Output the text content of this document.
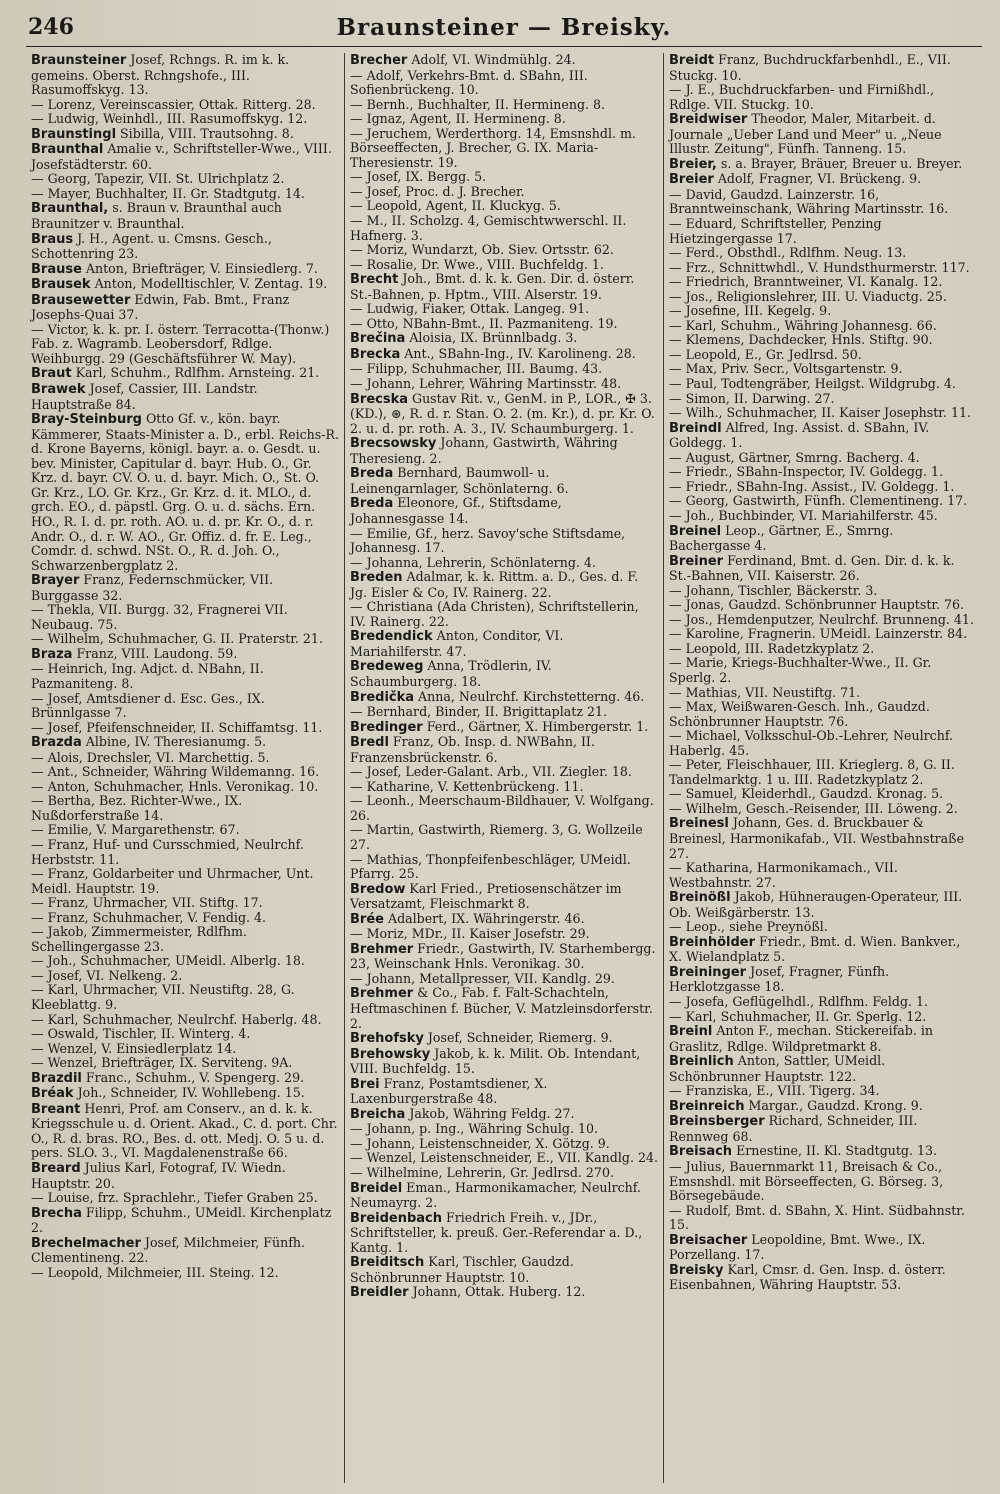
246	Braunsteiner — Breisky.

Braunsteiner Josef, Rchngs. R. im k. k. gemeins. Oberst. Rchngshofe., III. Rasumoffskyg. 13.

— Lorenz, Vereinscassier, Ottak. Ritterg. 28.

— Ludwig, Weinhdl., III. Rasumoffskyg. 12.

Braunstingl Sibilla, VIII. Trautsohng. 8.

Braunthal Amalie v., Schriftsteller-Wwe., VIII. Josefstädterstr. 60.

— Georg, Tapezir, VII. St. Ulrichplatz 2.

— Mayer, Buchhalter, II. Gr. Stadtgutg. 14.

Braunthal, s. Braun v. Braunthal auch Braunitzer v. Braunthal.

Braus J. H., Agent. u. Cmsns. Gesch., Schottenring 23.

Brause Anton, Briefträger, V. Einsiedlerg. 7.

Brausek Anton, Modelltischler, V. Zentag. 19.

Brausewetter Edwin, Fab. Bmt., Franz Josephs-Quai 37.

— Victor, k. k. pr. I. österr. Terracotta-(Thonw.) Fab. z. Wagramb. Leobersdorf, Rdlge. Weihburgg. 29 (Geschäftsführer W. May).

Braut Karl, Schuhm., Rdlfhm. Arnsteing. 21.

Brawek Josef, Cassier, III. Landstr. Hauptstraße 84.

Bray-Steinburg Otto Gf. v., kön. bayr. Kämmerer, Staats-Minister a. D., erbl. Reichs-R. d. Krone Bayerns, königl. bayr. a. o. Gesdt. u. bev. Minister, Capitular d. bayr. Hub. O., Gr. Krz. d. bayr. CV. O. u. d. bayr. Mich. O., St. O. Gr. Krz., LO. Gr. Krz., Gr. Krz. d. it. MLO., d. grch. EO., d. päpstl. Grg. O. u. d. sächs. Ern. HO., R. I. d. pr. roth. AO. u. d. pr. Kr. O., d. r. Andr. O., d. r. W. AO., Gr. Offiz. d. fr. E. Leg., Comdr. d. schwd. NSt. O., R. d. Joh. O., Schwarzenbergplatz 2.

Brayer Franz, Federnschmücker, VII. Burggasse 32.

— Thekla, VII. Burgg. 32, Fragnerei VII. Neubaug. 75.

— Wilhelm, Schuhmacher, G. II. Praterstr. 21.

Braza Franz, VIII. Laudong. 59.

— Heinrich, Ing. Adjct. d. NBahn, II. Pazmaniteng. 8.

— Josef, Amtsdiener d. Esc. Ges., IX. Brünnlgasse 7.

— Josef, Pfeifenschneider, II. Schiffamtsg. 11.

Brazda Albine, IV. Theresianumg. 5.

— Alois, Drechsler, VI. Marchettig. 5.

— Ant., Schneider, Währing Wildemanng. 16.

— Anton, Schuhmacher, Hnls. Veronikag. 10.

— Bertha, Bez. Richter-Wwe., IX. Nußdorferstraße 14.

— Emilie, V. Margarethenstr. 67.

— Franz, Huf- und Cursschmied, Neulrchf. Herbststr. 11.

— Franz, Goldarbeiter und Uhrmacher, Unt. Meidl. Hauptstr. 19.

— Franz, Uhrmacher, VII. Stiftg. 17.

— Franz, Schuhmacher, V. Fendig. 4.

— Jakob, Zimmermeister, Rdlfhm. Schellingergasse 23.

— Joh., Schuhmacher, UMeidl. Alberlg. 18.

— Josef, VI. Nelkeng. 2.

— Karl, Uhrmacher, VII. Neustiftg. 28, G. Kleeblattg. 9.

— Karl, Schuhmacher, Neulrchf. Haberlg. 48.

— Oswald, Tischler, II. Winterg. 4.

— Wenzel, V. Einsiedlerplatz 14.

— Wenzel, Briefträger, IX. Serviteng. 9A.

Brazdil Franc., Schuhm., V. Spengerg. 29.

Bréak Joh., Schneider, IV. Wohllebeng. 15.

Breant Henri, Prof. am Conserv., an d. k. k. Kriegsschule u. d. Orient. Akad., C. d. port. Chr. O., R. d. bras. RO., Bes. d. ott. Medj. O. 5 u. d. pers. SLO. 3., VI. Magdalenenstraße 66.

Breard Julius Karl, Fotograf, IV. Wiedn. Hauptstr. 20.

— Louise, frz. Sprachlehr., Tiefer Graben 25.

Brecha Filipp, Schuhm., UMeidl. Kirchenplatz 2.

Brechelmacher Josef, Milchmeier, Fünfh. Clementineng. 22.

— Leopold, Milchmeier, III. Steing. 12.

Brecher Adolf, VI. Windmühlg. 24.

— Adolf, Verkehrs-Bmt. d. SBahn, III. Sofienbrückeng. 10.

— Bernh., Buchhalter, II. Hermineng. 8.

— Ignaz, Agent, II. Hermineng. 8.

— Jeruchem, Werderthorg. 14, Emsnshdl. m. Börseeffecten, J. Brecher, G. IX. Maria-Theresienstr. 19.

— Josef, IX. Bergg. 5.

— Josef, Proc. d. J. Brecher.

— Leopold, Agent, II. Kluckyg. 5.

— M., II. Scholzg. 4, Gemischtwwerschl. II. Hafnerg. 3.

— Moriz, Wundarzt, Ob. Siev. Ortsstr. 62.

— Rosalie, Dr. Wwe., VIII. Buchfeldg. 1.

Brecht Joh., Bmt. d. k. k. Gen. Dir. d. österr. St.-Bahnen, p. Hptm., VIII. Alserstr. 19.

— Ludwig, Fiaker, Ottak. Langeg. 91.

— Otto, NBahn-Bmt., II. Pazmaniteng. 19.

Brečina Aloisia, IX. Brünnlbadg. 3.

Brecka Ant., SBahn-Ing., IV. Karolineng. 28.

— Filipp, Schuhmacher, III. Baumg. 43.

— Johann, Lehrer, Währing Martinsstr. 48.

Brecska Gustav Rit. v., GenM. in P., LOR., ✠ 3. (KD.), ⊛, R. d. r. Stan. O. 2. (m. Kr.), d. pr. Kr. O. 2. u. d. pr. roth. A. 3., IV. Schaumburgerg. 1.

Brecsowsky Johann, Gastwirth, Währing Theresieng. 2.

Breda Bernhard, Baumwoll- u. Leinengarnlager, Schönlaterng. 6.

Breda Eleonore, Gf., Stiftsdame, Johannesgasse 14.

— Emilie, Gf., herz. Savoy'sche Stiftsdame, Johannesg. 17.

— Johanna, Lehrerin, Schönlaterng. 4.

Breden Adalmar, k. k. Rittm. a. D., Ges. d. F. Jg. Eisler & Co, IV. Rainerg. 22.

— Christiana (Ada Christen), Schriftstellerin, IV. Rainerg. 22.

Bredendick Anton, Conditor, VI. Mariahilferstr. 47.

Bredeweg Anna, Trödlerin, IV. Schaumburgerg. 18.

Bredička Anna, Neulrchf. Kirchstetterng. 46.

— Bernhard, Binder, II. Brigittaplatz 21.

Bredinger Ferd., Gärtner, X. Himbergerstr. 1.

Bredl Franz, Ob. Insp. d. NWBahn, II. Franzensbrückenstr. 6.

— Josef, Leder-Galant. Arb., VII. Ziegler. 18.

— Katharine, V. Kettenbrückeng. 11.

— Leonh., Meerschaum-Bildhauer, V. Wolfgang. 26.

— Martin, Gastwirth, Riemerg. 3, G. Wollzeile 27.

— Mathias, Thonpfeifenbeschläger, UMeidl. Pfarrg. 25.

Bredow Karl Fried., Pretiosenschätzer im Versatzamt, Fleischmarkt 8.

Brée Adalbert, IX. Währingerstr. 46.

— Moriz, MDr., II. Kaiser Josefstr. 29.

Brehmer Friedr., Gastwirth, IV. Starhembergg. 23, Weinschank Hnls. Veronikag. 30.

— Johann, Metallpresser, VII. Kandlg. 29.

Brehmer & Co., Fab. f. Falt-Schachteln, Heftmaschinen f. Bücher, V. Matzleinsdorferstr. 2.

Brehofsky Josef, Schneider, Riemerg. 9.

Brehowsky Jakob, k. k. Milit. Ob. Intendant, VIII. Buchfeldg. 15.

Brei Franz, Postamtsdiener, X. Laxenburgerstraße 48.

Breicha Jakob, Währing Feldg. 27.

— Johann, p. Ing., Währing Schulg. 10.

— Johann, Leistenschneider, X. Götzg. 9.

— Wenzel, Leistenschneider, E., VII. Kandlg. 24.

— Wilhelmine, Lehrerin, Gr. Jedlrsd. 270.

Breidel Eman., Harmonikamacher, Neulrchf. Neumayrg. 2.

Breidenbach Friedrich Freih. v., JDr., Schriftsteller, k. preuß. Ger.-Referendar a. D., Kantg. 1.

Breiditsch Karl, Tischler, Gaudzd. Schönbrunner Hauptstr. 10.

Breidler Johann, Ottak. Huberg. 12.

Breidt Franz, Buchdruckfarbenhdl., E., VII. Stuckg. 10.

— J. E., Buchdruckfarben- und Firnißhdl., Rdlge. VII. Stuckg. 10.

Breidwiser Theodor, Maler, Mitarbeit. d. Journale „Ueber Land und Meer" u. „Neue Illustr. Zeitung", Fünfh. Tanneng. 15.

Breier, s. a. Brayer, Bräuer, Breuer u. Breyer.

Breier Adolf, Fragner, VI. Brückeng. 9.

— David, Gaudzd. Lainzerstr. 16, Branntweinschank, Währing Martinsstr. 16.

— Eduard, Schriftsteller, Penzing Hietzingergasse 17.

— Ferd., Obsthdl., Rdlfhm. Neug. 13.

— Frz., Schnittwhdl., V. Hundsthurmerstr. 117.

— Friedrich, Branntweiner, VI. Kanalg. 12.

— Jos., Religionslehrer, III. U. Viaductg. 25.

— Josefine, III. Kegelg. 9.

— Karl, Schuhm., Währing Johannesg. 66.

— Klemens, Dachdecker, Hnls. Stiftg. 90.

— Leopold, E., Gr. Jedlrsd. 50.

— Max, Priv. Secr., Voltsgartenstr. 9.

— Paul, Todtengräber, Heilgst. Wildgrubg. 4.

— Simon, II. Darwing. 27.

— Wilh., Schuhmacher, II. Kaiser Josephstr. 11.

Breindl Alfred, Ing. Assist. d. SBahn, IV. Goldegg. 1.

— August, Gärtner, Smrng. Bacherg. 4.

— Friedr., SBahn-Inspector, IV. Goldegg. 1.

— Friedr., SBahn-Ing. Assist., IV. Goldegg. 1.

— Georg, Gastwirth, Fünfh. Clementineng. 17.

— Joh., Buchbinder, VI. Mariahilferstr. 45.

Breinel Leop., Gärtner, E., Smrng. Bachergasse 4.

Breiner Ferdinand, Bmt. d. Gen. Dir. d. k. k. St.-Bahnen, VII. Kaiserstr. 26.

— Johann, Tischler, Bäckerstr. 3.

— Jonas, Gaudzd. Schönbrunner Hauptstr. 76.

— Jos., Hemdenputzer, Neulrchf. Brunneng. 41.

— Karoline, Fragnerin. UMeidl. Lainzerstr. 84.

— Leopold, III. Radetzkyplatz 2.

— Marie, Kriegs-Buchhalter-Wwe., II. Gr. Sperlg. 2.

— Mathias, VII. Neustiftg. 71.

— Max, Weißwaren-Gesch. Inh., Gaudzd. Schönbrunner Hauptstr. 76.

— Michael, Volksschul-Ob.-Lehrer, Neulrchf. Haberlg. 45.

— Peter, Fleischhauer, III. Krieglerg. 8, G. II. Tandelmarktg. 1 u. III. Radetzkyplatz 2.

— Samuel, Kleiderhdl., Gaudzd. Kronag. 5.

— Wilhelm, Gesch.-Reisender, III. Löweng. 2.

Breinesl Johann, Ges. d. Bruckbauer & Breinesl, Harmonikafab., VII. Westbahnstraße 27.

— Katharina, Harmonikamach., VII. Westbahnstr. 27.

Breinößl Jakob, Hühneraugen-Operateur, III. Ob. Weißgärberstr. 13.

— Leop., siehe Preynößl.

Breinhölder Friedr., Bmt. d. Wien. Bankver., X. Wielandplatz 5.

Breininger Josef, Fragner, Fünfh. Herklotzgasse 18.

— Josefa, Geflügelhdl., Rdlfhm. Feldg. 1.

— Karl, Schuhmacher, II. Gr. Sperlg. 12.

Breinl Anton F., mechan. Stickereifab. in Graslitz, Rdlge. Wildpretmarkt 8.

Breinlich Anton, Sattler, UMeidl. Schönbrunner Hauptstr. 122.

— Franziska, E., VIII. Tigerg. 34.

Breinreich Margar., Gaudzd. Krong. 9.

Breinsberger Richard, Schneider, III. Rennweg 68.

Breisach Ernestine, II. Kl. Stadtgutg. 13.

— Julius, Bauernmarkt 11, Breisach & Co., Emsnshdl. mit Börseeffecten, G. Börseg. 3, Börsegebäude.

— Rudolf, Bmt. d. SBahn, X. Hint. Südbahnstr. 15.

Breisacher Leopoldine, Bmt. Wwe., IX. Porzellang. 17.

Breisky Karl, Cmsr. d. Gen. Insp. d. österr. Eisenbahnen, Währing Hauptstr. 53.
